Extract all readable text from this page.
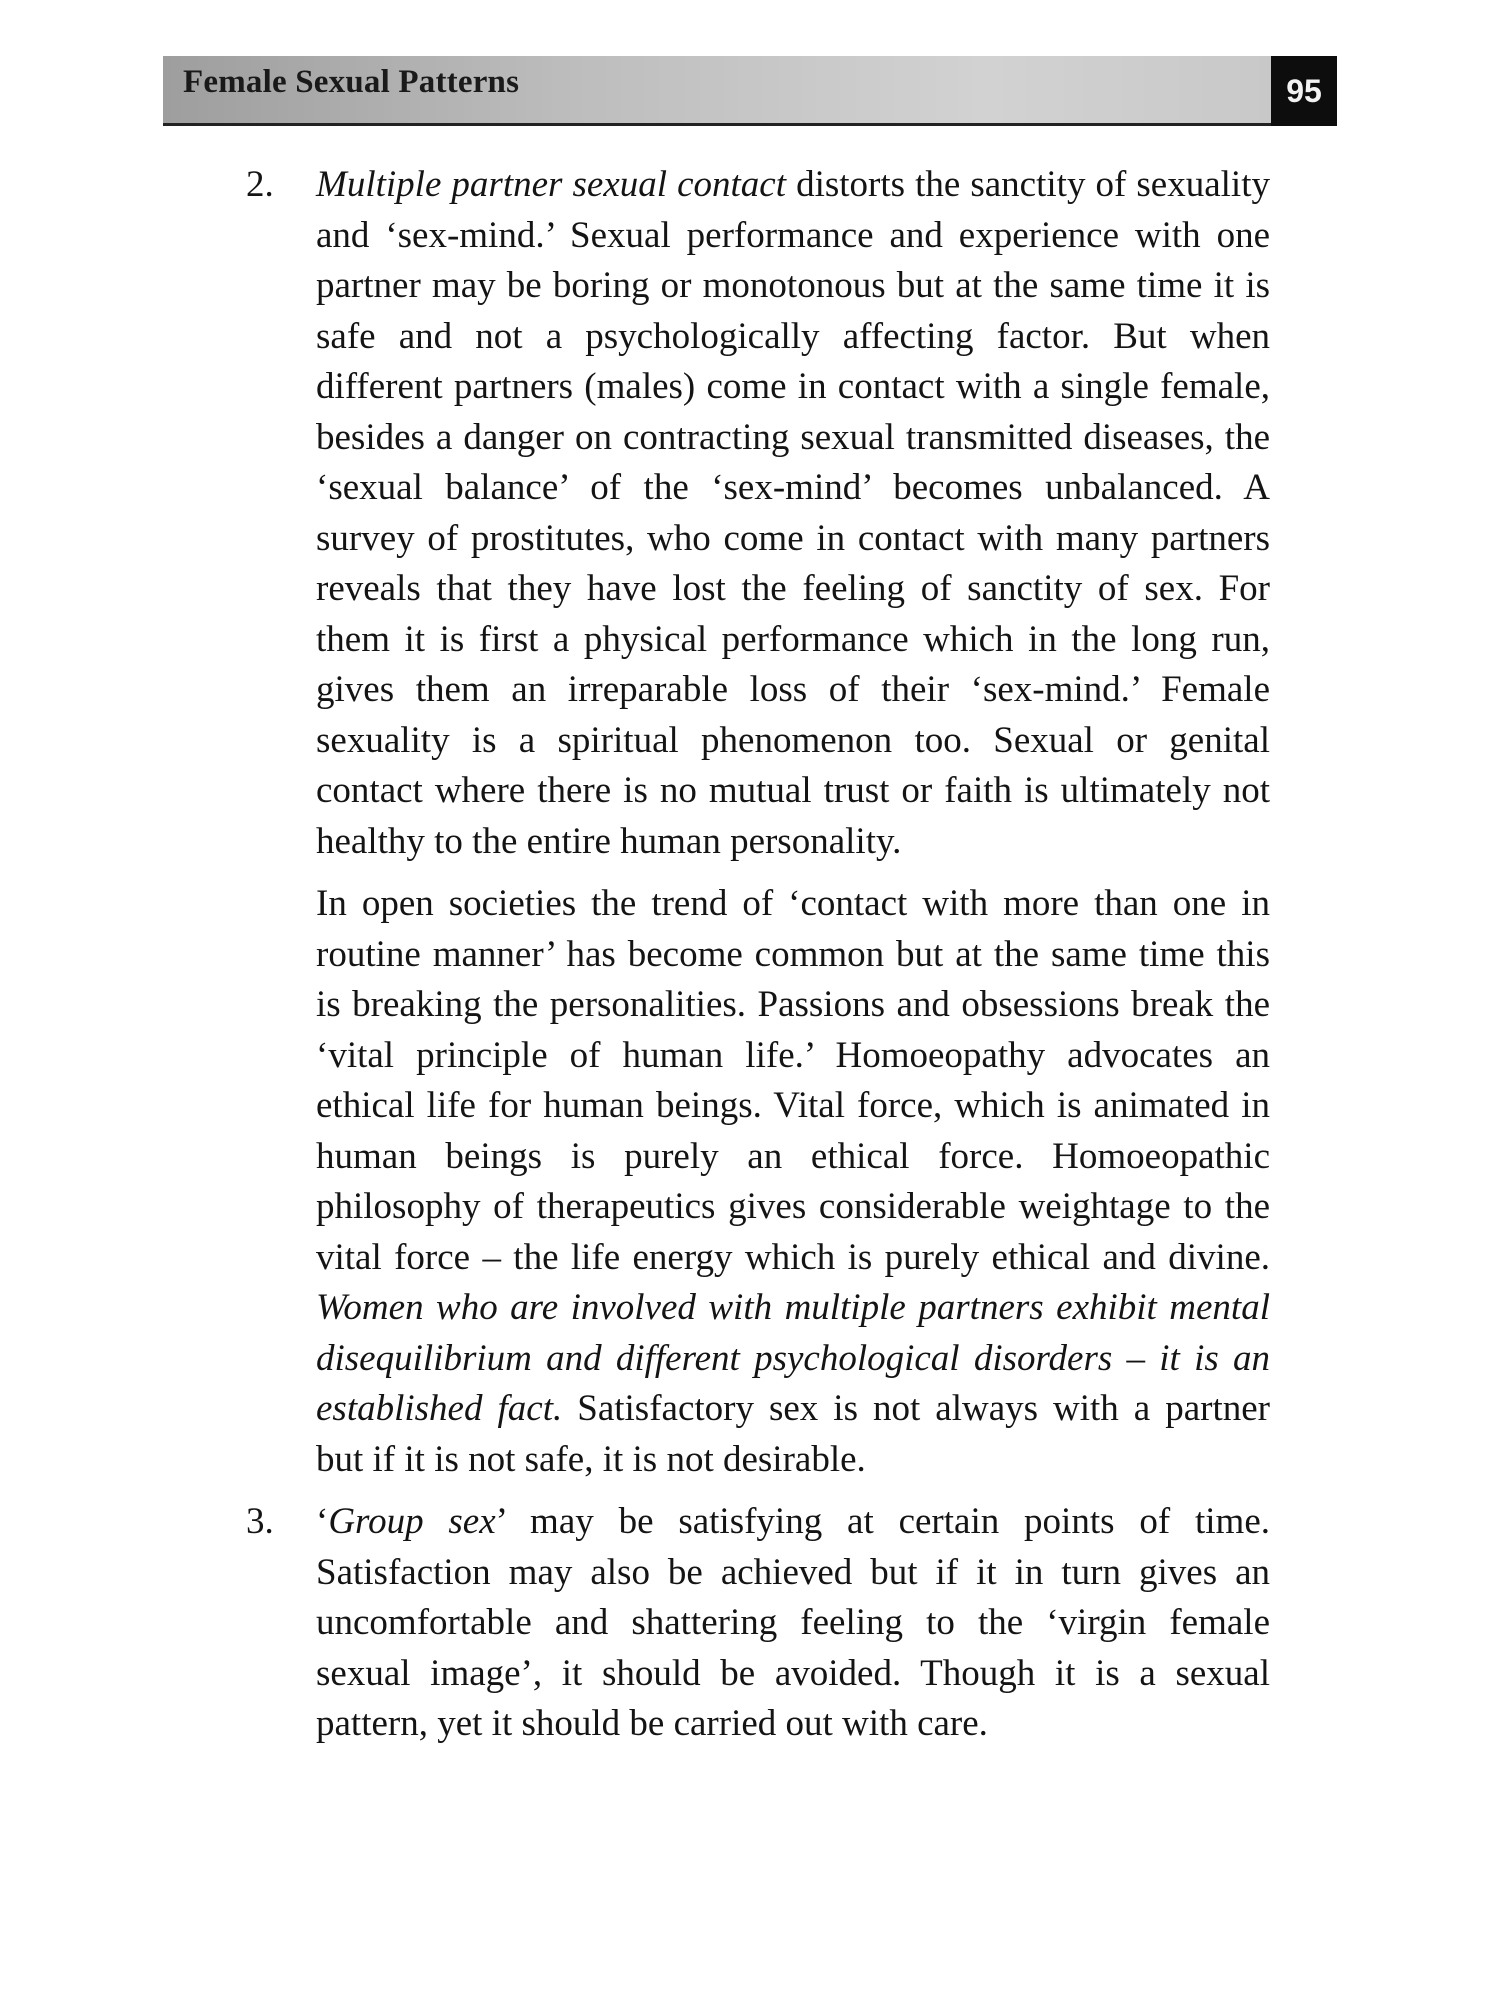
Female Sexual Patterns	95
2. Multiple partner sexual contact distorts the sanctity of sexuality and ‘sex-mind.’ Sexual performance and experience with one partner may be boring or monotonous but at the same time it is safe and not a psychologically affecting factor. But when different partners (males) come in contact with a single female, besides a danger on contracting sexual transmitted diseases, the ‘sexual balance’ of the ‘sex-mind’ becomes unbalanced. A survey of prostitutes, who come in contact with many partners reveals that they have lost the feeling of sanctity of sex. For them it is first a physical performance which in the long run, gives them an irreparable loss of their ‘sex-mind.’ Female sexuality is a spiritual phenomenon too. Sexual or genital contact where there is no mutual trust or faith is ultimately not healthy to the entire human personality.

In open societies the trend of ‘contact with more than one in routine manner’ has become common but at the same time this is breaking the personalities. Passions and obsessions break the ‘vital principle of human life.’ Homoeopathy advocates an ethical life for human beings. Vital force, which is animated in human beings is purely an ethical force. Homoeopathic philosophy of therapeutics gives considerable weightage to the vital force – the life energy which is purely ethical and divine. Women who are involved with multiple partners exhibit mental disequilibrium and different psychological disorders – it is an established fact. Satisfactory sex is not always with a partner but if it is not safe, it is not desirable.

3. ‘Group sex’ may be satisfying at certain points of time. Satisfaction may also be achieved but if it in turn gives an uncomfortable and shattering feeling to the ‘virgin female sexual image’, it should be avoided. Though it is a sexual pattern, yet it should be carried out with care.
